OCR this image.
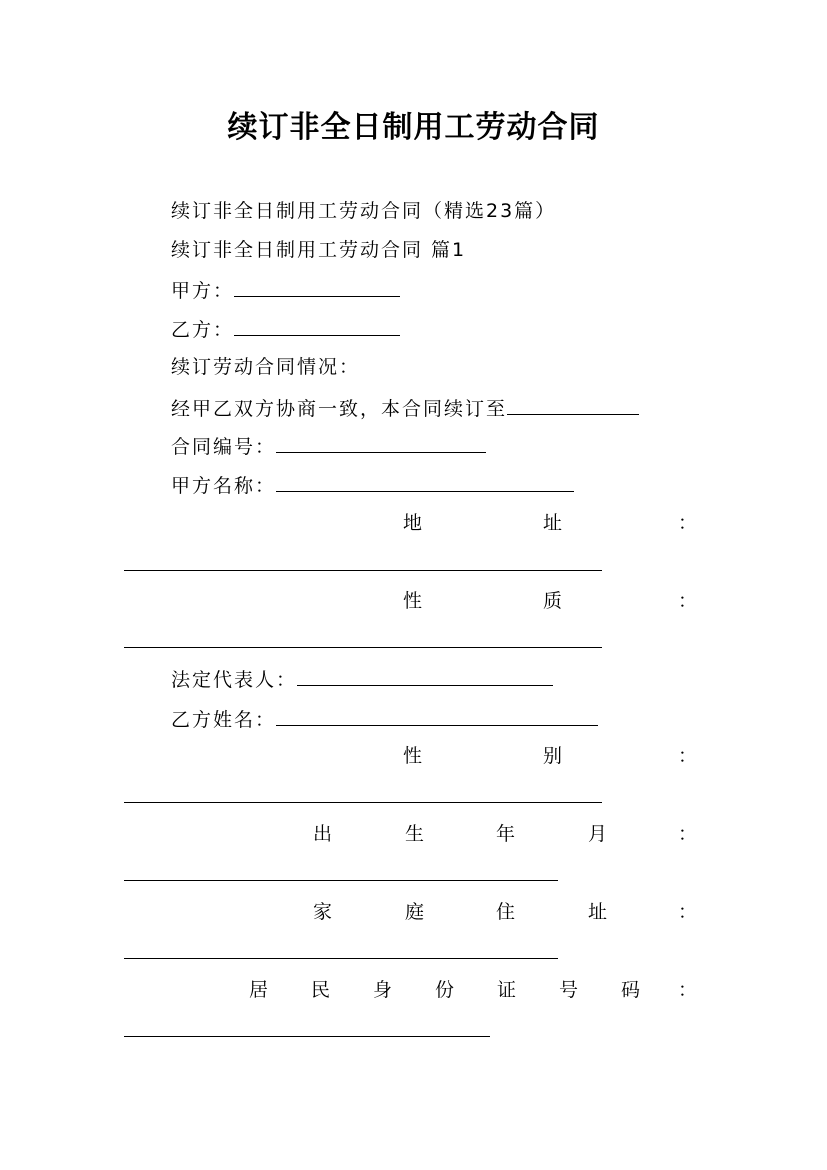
续订非全日制用工劳动合同
续订非全日制用工劳动合同（精选23篇）
续订非全日制用工劳动合同 篇1
甲方：
乙方：
续订劳动合同情况：
经甲乙双方协商一致，本合同续订至
合同编号：
甲方名称：
地	址	：
性	质	：
法定代表人：
乙方姓名：
性	别	：
出	生	年	月	：
家	庭	住	址	：
居 民 身 份 证 号 码 ：
